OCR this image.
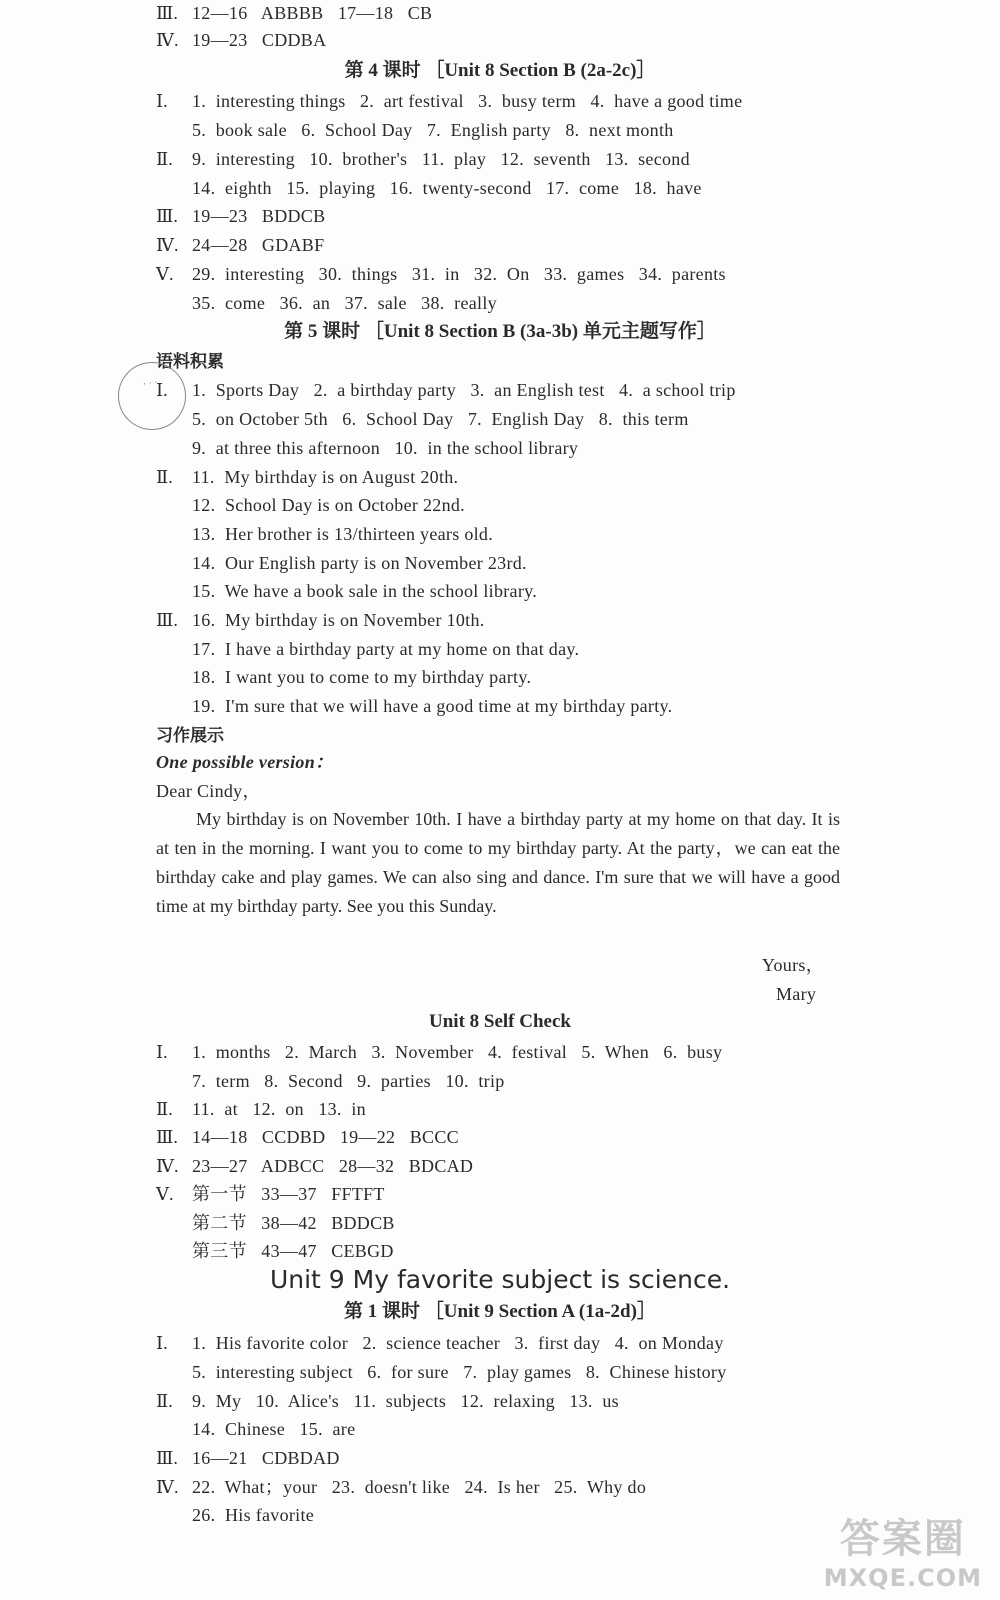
Ⅲ. 12—16   ABBBB   17—18   CB
Ⅳ. 19—23   CDDBA
第 4 课时 ［Unit 8 Section B (2a-2c)］
Ⅰ. 1.  interesting things   2.  art festival   3.  busy term   4.  have a good time
5.  book sale   6.  School Day   7.  English party   8.  next month
Ⅱ. 9.  interesting   10.  brother's   11.  play   12.  seventh   13.  second
14.  eighth   15.  playing   16.  twenty-second   17.  come   18.  have
Ⅲ. 19—23   BDDCB
Ⅳ. 24—28   GDABF
Ⅴ. 29.  interesting   30.  things   31.  in   32.  On   33.  games   34.  parents
35.  come   36.  an   37.  sale   38.  really
第 5 课时 ［Unit 8 Section B (3a-3b) 单元主题写作］
语料积累

· · ·

Ⅰ. 1.  Sports Day   2.  a birthday party   3.  an English test   4.  a school trip
5.  on October 5th   6.  School Day   7.  English Day   8.  this term
9.  at three this afternoon   10.  in the school library
Ⅱ. 11.  My birthday is on August 20th.
12.  School Day is on October 22nd.
13.  Her brother is 13/thirteen years old.
14.  Our English party is on November 23rd.
15.  We have a book sale in the school library.
Ⅲ. 16.  My birthday is on November 10th.
17.  I have a birthday party at my home on that day.
18.  I want you to come to my birthday party.
19.  I'm sure that we will have a good time at my birthday party.
习作展示
One possible version：
Dear Cindy，
My birthday is on November 10th. I have a birthday party at my home on that day. It is at ten in the morning. I want you to come to my birthday party. At the party，we can eat the birthday cake and play games. We can also sing and dance. I'm sure that we will have a good time at my birthday party. See you this Sunday.
Yours，
Mary
Unit 8 Self Check
Ⅰ. 1.  months   2.  March   3.  November   4.  festival   5.  When   6.  busy
7.  term   8.  Second   9.  parties   10.  trip
Ⅱ. 11.  at   12.  on   13.  in
Ⅲ. 14—18   CCDBD   19—22   BCCC
Ⅳ. 23—27   ADBCC   28—32   BDCAD
Ⅴ. 第一节   33—37   FFTFT
第二节   38—42   BDDCB
第三节   43—47   CEBGD
Unit 9 My favorite subject is science.
第 1 课时 ［Unit 9 Section A (1a-2d)］
Ⅰ. 1.  His favorite color   2.  science teacher   3.  first day   4.  on Monday
5.  interesting subject   6.  for sure   7.  play games   8.  Chinese history
Ⅱ. 9.  My   10.  Alice's   11.  subjects   12.  relaxing   13.  us
14.  Chinese   15.  are
Ⅲ. 16—21   CDBDAD
Ⅳ. 22.  What；your   23.  doesn't like   24.  Is her   25.  Why do
26.  His favorite
答案圈
MXQE.COM
